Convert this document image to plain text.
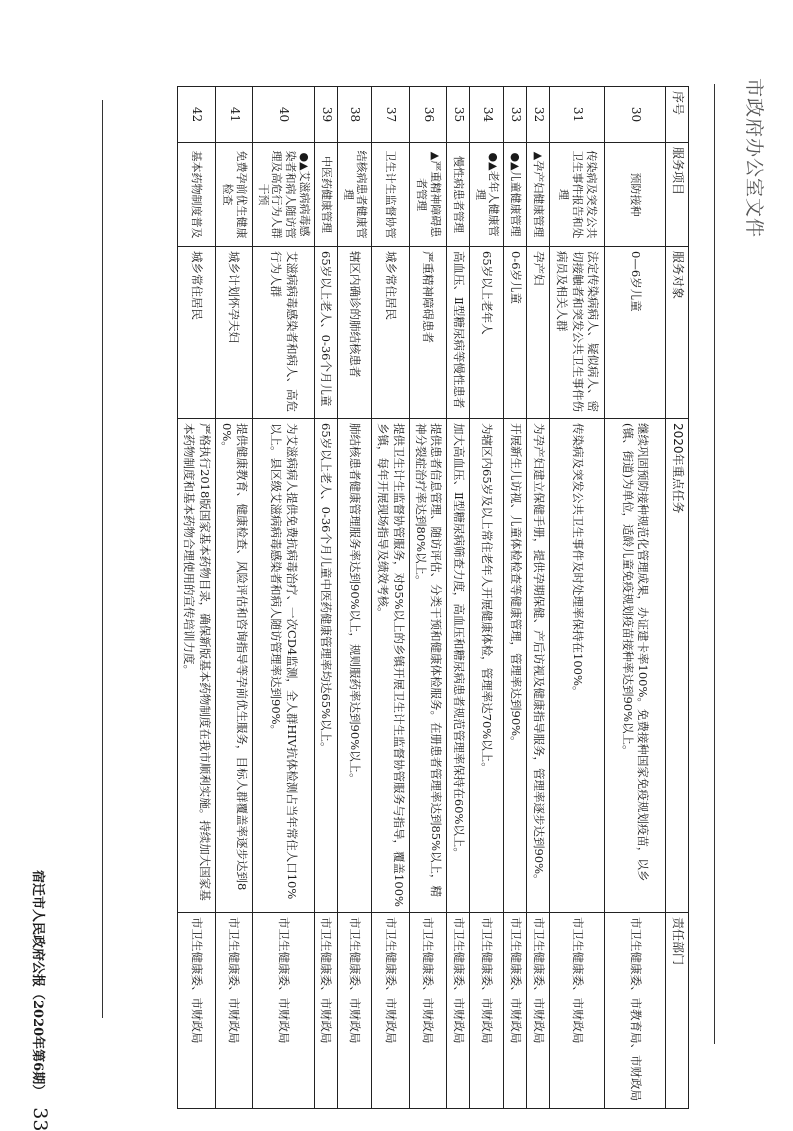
市政府办公室文件
序号	服务项目	服务对象	2020年重点任务	责任部门
30	预防接种	0—6岁儿童	继续巩固预防接种规范化管理成果，办证建卡率100%。免费接种国家免疫规划疫苗，以乡(镇、街道)为单位，适龄儿童免疫规划疫苗接种率达到90%以上。	市卫生健康委、市教育局、市财政局
31	传染病及突发公共卫生事件报告和处理	法定传染病病人、疑似病人、密切接触者和突发公共卫生事件伤病员及相关人群	传染病及突发公共卫生事件及时处理率保持在100%。	市卫生健康委、市财政局
32	▲孕产妇健康管理	孕产妇	为孕产妇建立保健手册，提供孕期保健、产后访视及健康指导服务，管理率逐步达到90%。	市卫生健康委、市财政局
33	●▲儿童健康管理	0-6岁儿童	开展新生儿访视、儿童体检检查等健康管理，管理率达到90%。	市卫生健康委、市财政局
34	●▲老年人健康管理	65岁以上老年人	为辖区内65岁及以上常住老年人开展健康体检，管理率达70%以上。	市卫生健康委、市财政局
35	慢性病患者管理	高血压、Ⅱ型糖尿病等慢性患者	加大高血压、Ⅱ型糖尿病筛查力度，高血压和糖尿病患者规范管理率保持在60%以上。	市卫生健康委、市财政局
36	▲严重精神障碍患者管理	严重精神障碍患者	提供患者信息管理、随访评估、分类干预和健康体检服务。在册患者管理率达到85%以上，精神分裂症治疗率达到80%以上。	市卫生健康委、市财政局
37	卫生计生监督协管	城乡常住居民	提供卫生计生监督协管服务，对95%以上的乡镇开展卫生计生监督协管服务与指导，覆盖100%乡镇，每年开展现场指导及绩效考核。	市卫生健康委、市财政局
38	结核病患者健康管理	辖区内确诊的肺结核患者	肺结核患者健康管理服务率达到90%以上，规则服药率达到90%以上。	市卫生健康委、市财政局
39	中医药健康管理	65岁以上老人、0-36个月儿童	65岁以上老人、0-36个月儿童中医药健康管理率均达65%以上。	市卫生健康委、市财政局
40	●▲艾滋病病毒感染者和病人随访管理及高危行为人群干预	艾滋病病毒感染者和病人、高危行为人群	为艾滋病病人提供免费抗病毒治疗、一次CD4监测，全人群HIV抗体检测占当年常住人口10%以上。县区级艾滋病病毒感染者和病人随访管理率达到90%。	市卫生健康委、市财政局
41	免费孕前优生健康检查	城乡计划怀孕夫妇	提供健康教育、健康检查、风险评估和咨询指导等孕前优生服务，目标人群覆盖率逐步达到80%。	市卫生健康委、市财政局
42	基本药物制度普及	城乡常住居民	严格执行2018版国家基本药物目录，确保新版基本药物制度在我市顺利实施。持续加大国家基本药物制度和基本药物合理使用的宣传培训力度。	市卫生健康委、市财政局
宿迁市人民政府公报（2020年第6期）33
